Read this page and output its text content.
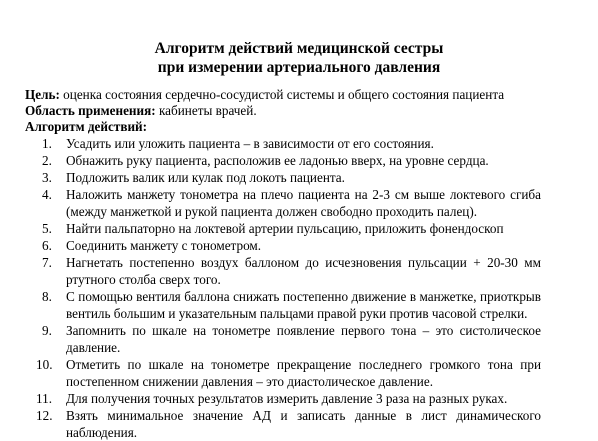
Алгоритм действий медицинской сестры
при измерении артериального давления
Цель: оценка состояния сердечно-сосудистой системы и общего состояния пациента
Область применения: кабинеты врачей.
Алгоритм действий:
1.	Усадить или уложить пациента – в зависимости от его состояния.
2.	Обнажить руку пациента, расположив ее ладонью вверх, на уровне сердца.
3.	Подложить валик или кулак под локоть пациента.
4.	Наложить манжету тонометра на плечо пациента на 2-3 см выше локтевого сгиба (между манжеткой и рукой пациента должен свободно проходить палец).
5.	Найти пальпаторно на локтевой артерии пульсацию, приложить фонендоскоп
6.	Соединить манжету с тонометром.
7.	Нагнетать постепенно воздух баллоном до исчезновения пульсации + 20-30 мм ртутного столба сверх того.
8.	С помощью вентиля баллона снижать постепенно движение в манжетке, приоткрыв вентиль большим и указательным пальцами правой руки против часовой стрелки.
9.	Запомнить по шкале на тонометре появление первого тона – это систолическое давление.
10.	Отметить по шкале на тонометре прекращение последнего громкого тона при постепенном снижении давления – это диастолическое давление.
11.	Для получения точных результатов измерить давление 3 раза на разных руках.
12.	Взять минимальное значение АД и записать данные в лист динамического наблюдения.
